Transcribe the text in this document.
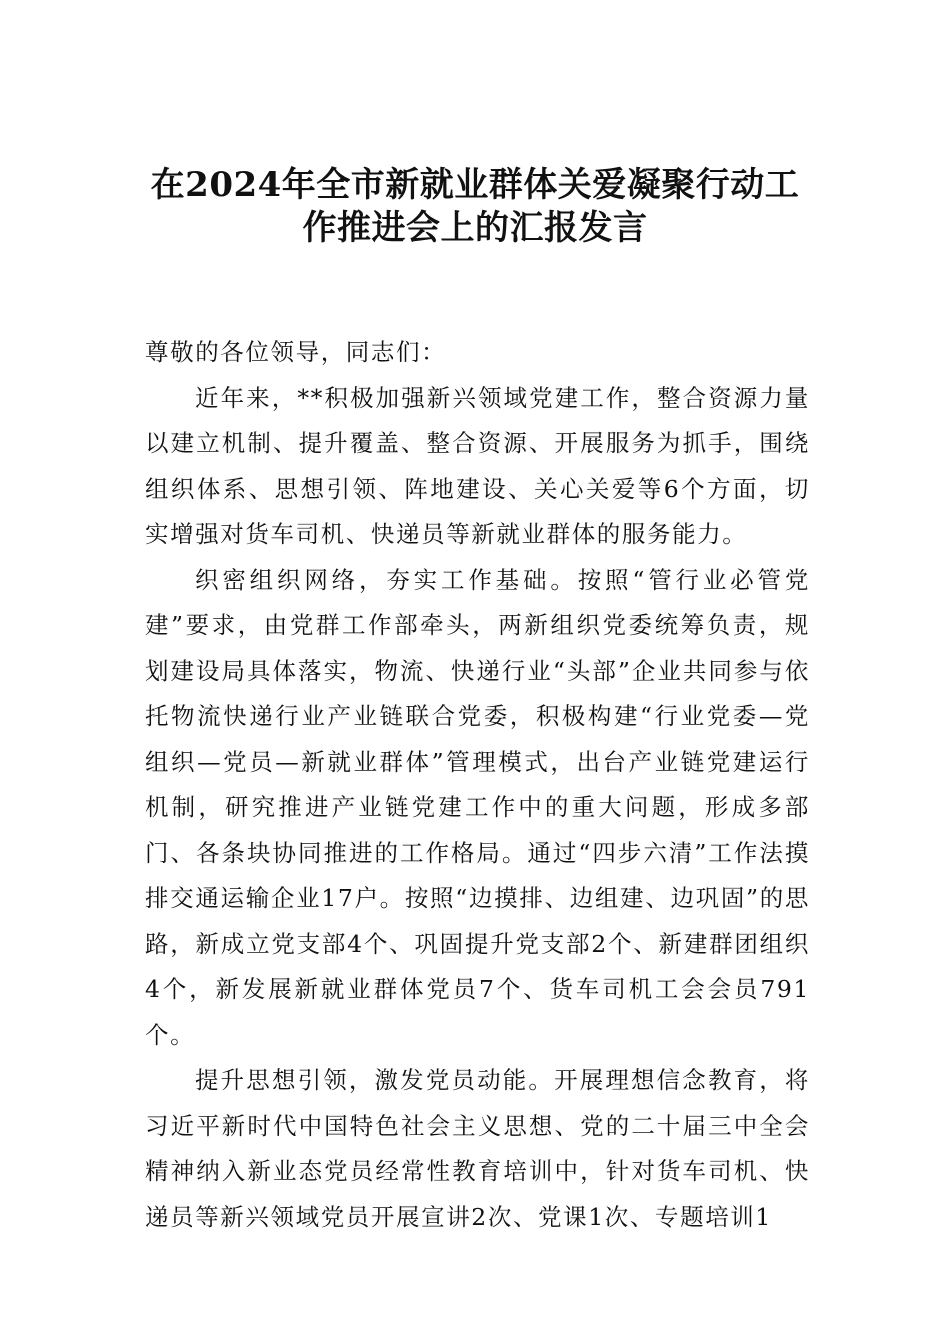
在2024年全市新就业群体关爱凝聚行动工
作推进会上的汇报发言

尊敬的各位领导，同志们：

近年来，**积极加强新兴领域党建工作，整合资源力量以建立机制、提升覆盖、整合资源、开展服务为抓手，围绕组织体系、思想引领、阵地建设、关心关爱等6个方面，切实增强对货车司机、快递员等新就业群体的服务能力。

织密组织网络，夯实工作基础。按照“管行业必管党建”要求，由党群工作部牵头，两新组织党委统筹负责，规划建设局具体落实，物流、快递行业“头部”企业共同参与依托物流快递行业产业链联合党委，积极构建“行业党委—党组织—党员—新就业群体”管理模式，出台产业链党建运行机制，研究推进产业链党建工作中的重大问题，形成多部门、各条块协同推进的工作格局。通过“四步六清”工作法摸排交通运输企业17户。按照“边摸排、边组建、边巩固”的思路，新成立党支部4个、巩固提升党支部2个、新建群团组织4个，新发展新就业群体党员7个、货车司机工会会员791个。

提升思想引领，激发党员动能。开展理想信念教育，将习近平新时代中国特色社会主义思想、党的二十届三中全会精神纳入新业态党员经常性教育培训中，针对货车司机、快递员等新兴领域党员开展宣讲2次、党课1次、专题培训1
